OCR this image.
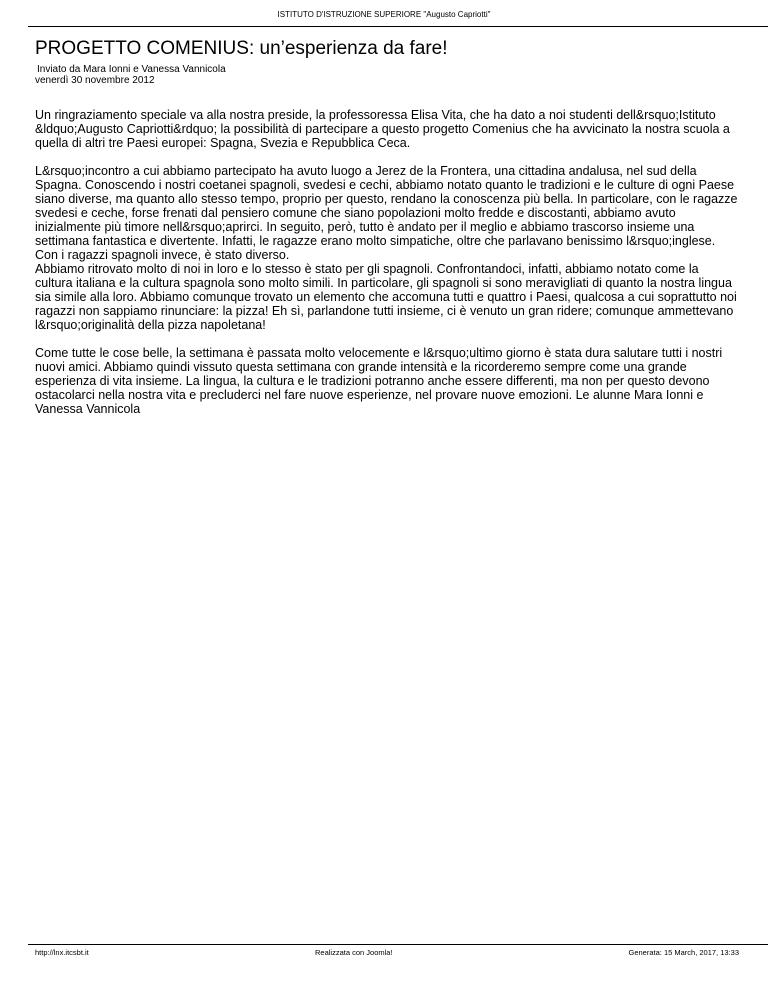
ISTITUTO D'ISTRUZIONE SUPERIORE "Augusto Capriotti"
PROGETTO COMENIUS: un’esperienza da fare!
Inviato da Mara Ionni e Vanessa Vannicola
venerdì 30 novembre 2012

Un ringraziamento speciale va alla nostra preside, la professoressa Elisa Vita, che ha dato a noi studenti dell&rsquo;Istituto &ldquo;Augusto Capriotti&rdquo; la possibilità di partecipare a questo progetto Comenius che ha avvicinato la nostra scuola a quella di altri tre Paesi europei: Spagna, Svezia e Repubblica Ceca.

L&rsquo;incontro a cui abbiamo partecipato ha avuto luogo a Jerez de la Frontera, una cittadina andalusa, nel sud della Spagna. Conoscendo i nostri coetanei spagnoli, svedesi e cechi, abbiamo notato quanto le tradizioni e le culture di ogni Paese siano diverse, ma quanto allo stesso tempo, proprio per questo, rendano la conoscenza più bella. In particolare, con le ragazze svedesi e ceche, forse frenati dal pensiero comune che siano popolazioni molto fredde e discostanti, abbiamo avuto inizialmente più timore nell&rsquo;aprirci. In seguito, però, tutto è andato per il meglio e abbiamo trascorso insieme una settimana fantastica e divertente. Infatti, le ragazze erano molto simpatiche, oltre che parlavano benissimo l&rsquo;inglese. Con i ragazzi spagnoli invece, è stato diverso.

Abbiamo ritrovato molto di noi in loro e lo stesso è stato per gli spagnoli. Confrontandoci, infatti, abbiamo notato come la cultura italiana e la cultura spagnola sono molto simili. In particolare, gli spagnoli si sono meravigliati di quanto la nostra lingua sia simile alla loro. Abbiamo comunque trovato un elemento che accomuna tutti e quattro i Paesi, qualcosa a cui soprattutto noi ragazzi non sappiamo rinunciare: la pizza! Eh sì, parlandone tutti insieme, ci è venuto un gran ridere; comunque ammettevano l&rsquo;originalità della pizza napoletana!

Come tutte le cose belle, la settimana è passata molto velocemente e l&rsquo;ultimo giorno è stata dura salutare tutti i nostri nuovi amici. Abbiamo quindi vissuto questa settimana con grande intensità e la ricorderemo sempre come una grande esperienza di vita insieme. La lingua, la cultura e le tradizioni potranno anche essere differenti, ma non per questo devono ostacolarci nella nostra vita e precluderci nel fare nuove esperienze, nel provare nuove emozioni. Le alunne Mara Ionni e Vanessa Vannicola

http://lnx.itcsbt.it	Realizzata con Joomla!	Generata: 15 March, 2017, 13:33
